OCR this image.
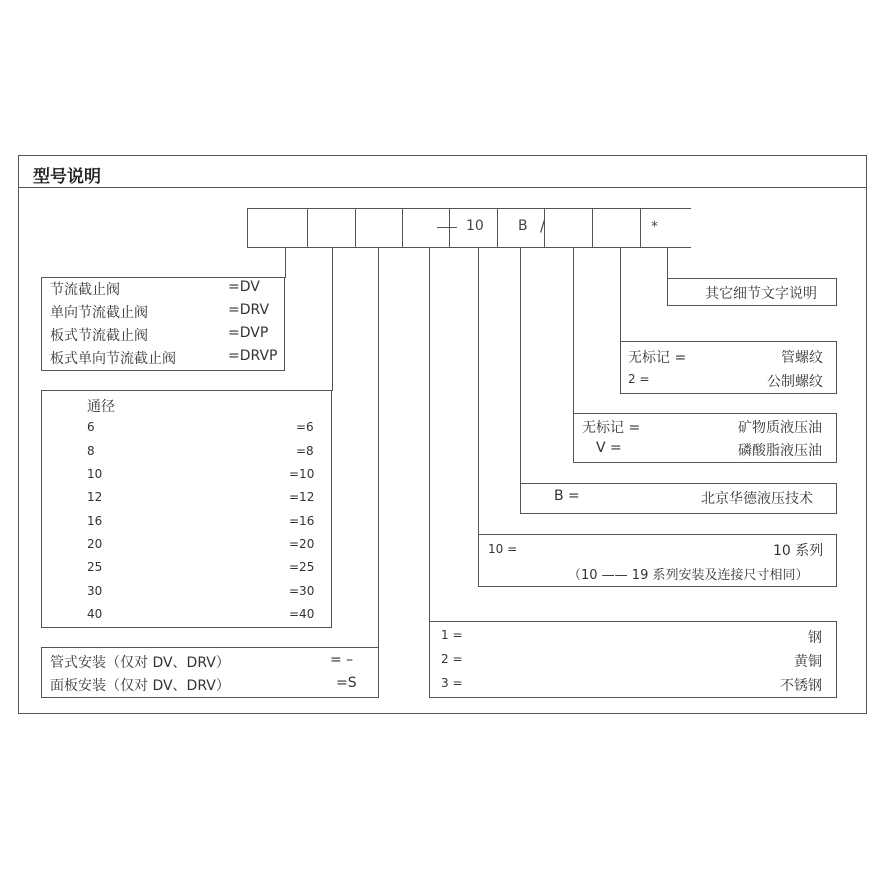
型号说明
10 B /	*
节流截止阀	=DV
单向节流截止阀	=DRV
板式节流截止阀	=DVP
板式单向节流截止阀	=DRVP
通径
6	=6
8	=8
10	=10
12	=12
16	=16
20	=20
25	=25
30	=30
40	=40
管式安装（仅对 DV、DRV）	= –
面板安装（仅对 DV、DRV）	=S
其它细节文字说明
无标记 =	管螺纹
2 =	公制螺纹
无标记 =	矿物质液压油
V =	磷酸脂液压油
B =	北京华德液压技术
10 =	10 系列
（10 —— 19 系列安装及连接尺寸相同）
1 =	钢
2 =	黄铜
3 =	不锈钢
